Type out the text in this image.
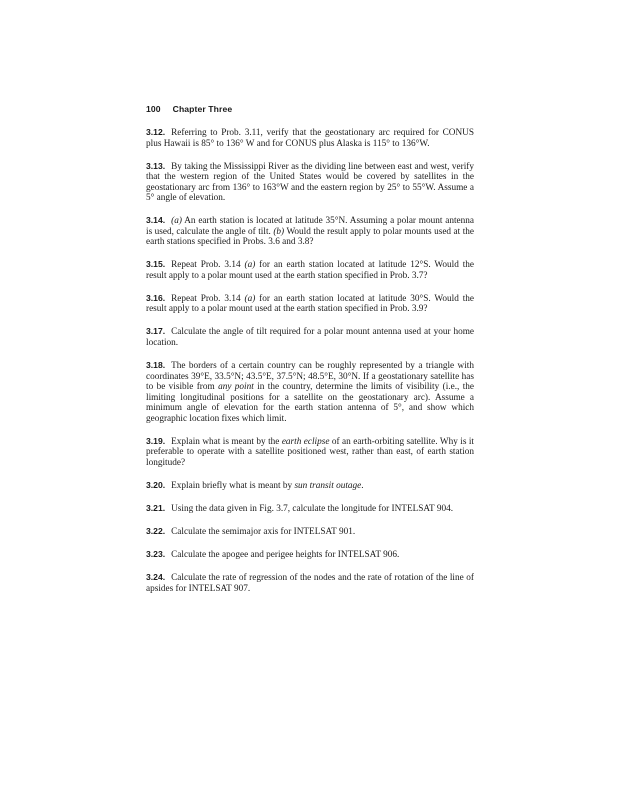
100 Chapter Three

3.12. Referring to Prob. 3.11, verify that the geostationary arc required for CONUS plus Hawaii is 85° to 136° W and for CONUS plus Alaska is 115° to 136°W.

3.13. By taking the Mississippi River as the dividing line between east and west, verify that the western region of the United States would be covered by satellites in the geostationary arc from 136° to 163°W and the eastern region by 25° to 55°W. Assume a 5° angle of elevation.

3.14. (a) An earth station is located at latitude 35°N. Assuming a polar mount antenna is used, calculate the angle of tilt. (b) Would the result apply to polar mounts used at the earth stations specified in Probs. 3.6 and 3.8?

3.15. Repeat Prob. 3.14 (a) for an earth station located at latitude 12°S. Would the result apply to a polar mount used at the earth station specified in Prob. 3.7?

3.16. Repeat Prob. 3.14 (a) for an earth station located at latitude 30°S. Would the result apply to a polar mount used at the earth station specified in Prob. 3.9?

3.17. Calculate the angle of tilt required for a polar mount antenna used at your home location.

3.18. The borders of a certain country can be roughly represented by a triangle with coordinates 39°E, 33.5°N; 43.5°E, 37.5°N; 48.5°E, 30°N. If a geostationary satellite has to be visible from any point in the country, determine the limits of visibility (i.e., the limiting longitudinal positions for a satellite on the geostationary arc). Assume a minimum angle of elevation for the earth station antenna of 5°, and show which geographic location fixes which limit.

3.19. Explain what is meant by the earth eclipse of an earth-orbiting satellite. Why is it preferable to operate with a satellite positioned west, rather than east, of earth station longitude?

3.20. Explain briefly what is meant by sun transit outage.

3.21. Using the data given in Fig. 3.7, calculate the longitude for INTELSAT 904.

3.22. Calculate the semimajor axis for INTELSAT 901.

3.23. Calculate the apogee and perigee heights for INTELSAT 906.

3.24. Calculate the rate of regression of the nodes and the rate of rotation of the line of apsides for INTELSAT 907.
